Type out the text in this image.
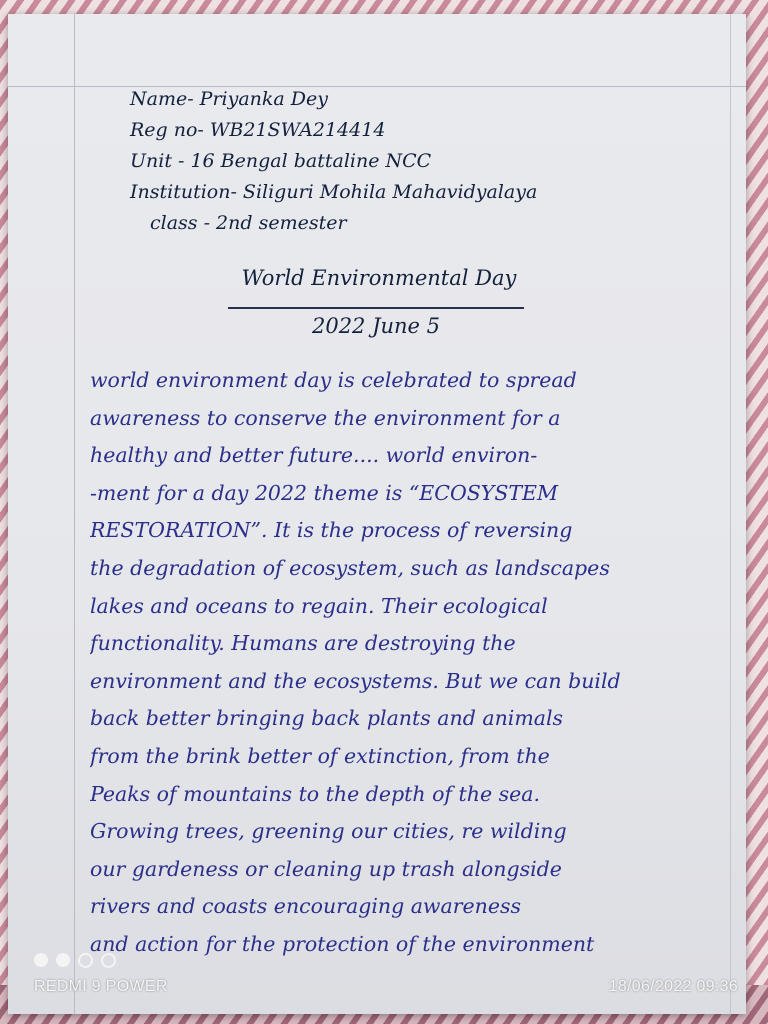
Name- Priyanka Dey
Reg no- WB21SWA214414
Unit - 16 Bengal battaline NCC
Institution- Siliguri Mohila Mahavidyalaya
class - 2nd semester
World Environmental Day
2022 June 5
world environment day is celebrated to spread
awareness to conserve the environment for a
healthy and better future.... world environ-
-ment for a day 2022 theme is “ECOSYSTEM
RESTORATION”. It is the process of reversing
the degradation of ecosystem, such as landscapes
lakes and oceans to regain. Their ecological
functionality. Humans are destroying the
environment and the ecosystems. But we can build
back better bringing back plants and animals
from the brink better of extinction, from the
Peaks of mountains to the depth of the sea.
Growing trees, greening our cities, re wilding
our gardeness or cleaning up trash alongside
rivers and coasts encouraging awareness
and action for the protection of the environment
REDMI 9 POWER	18/06/2022 09:36
